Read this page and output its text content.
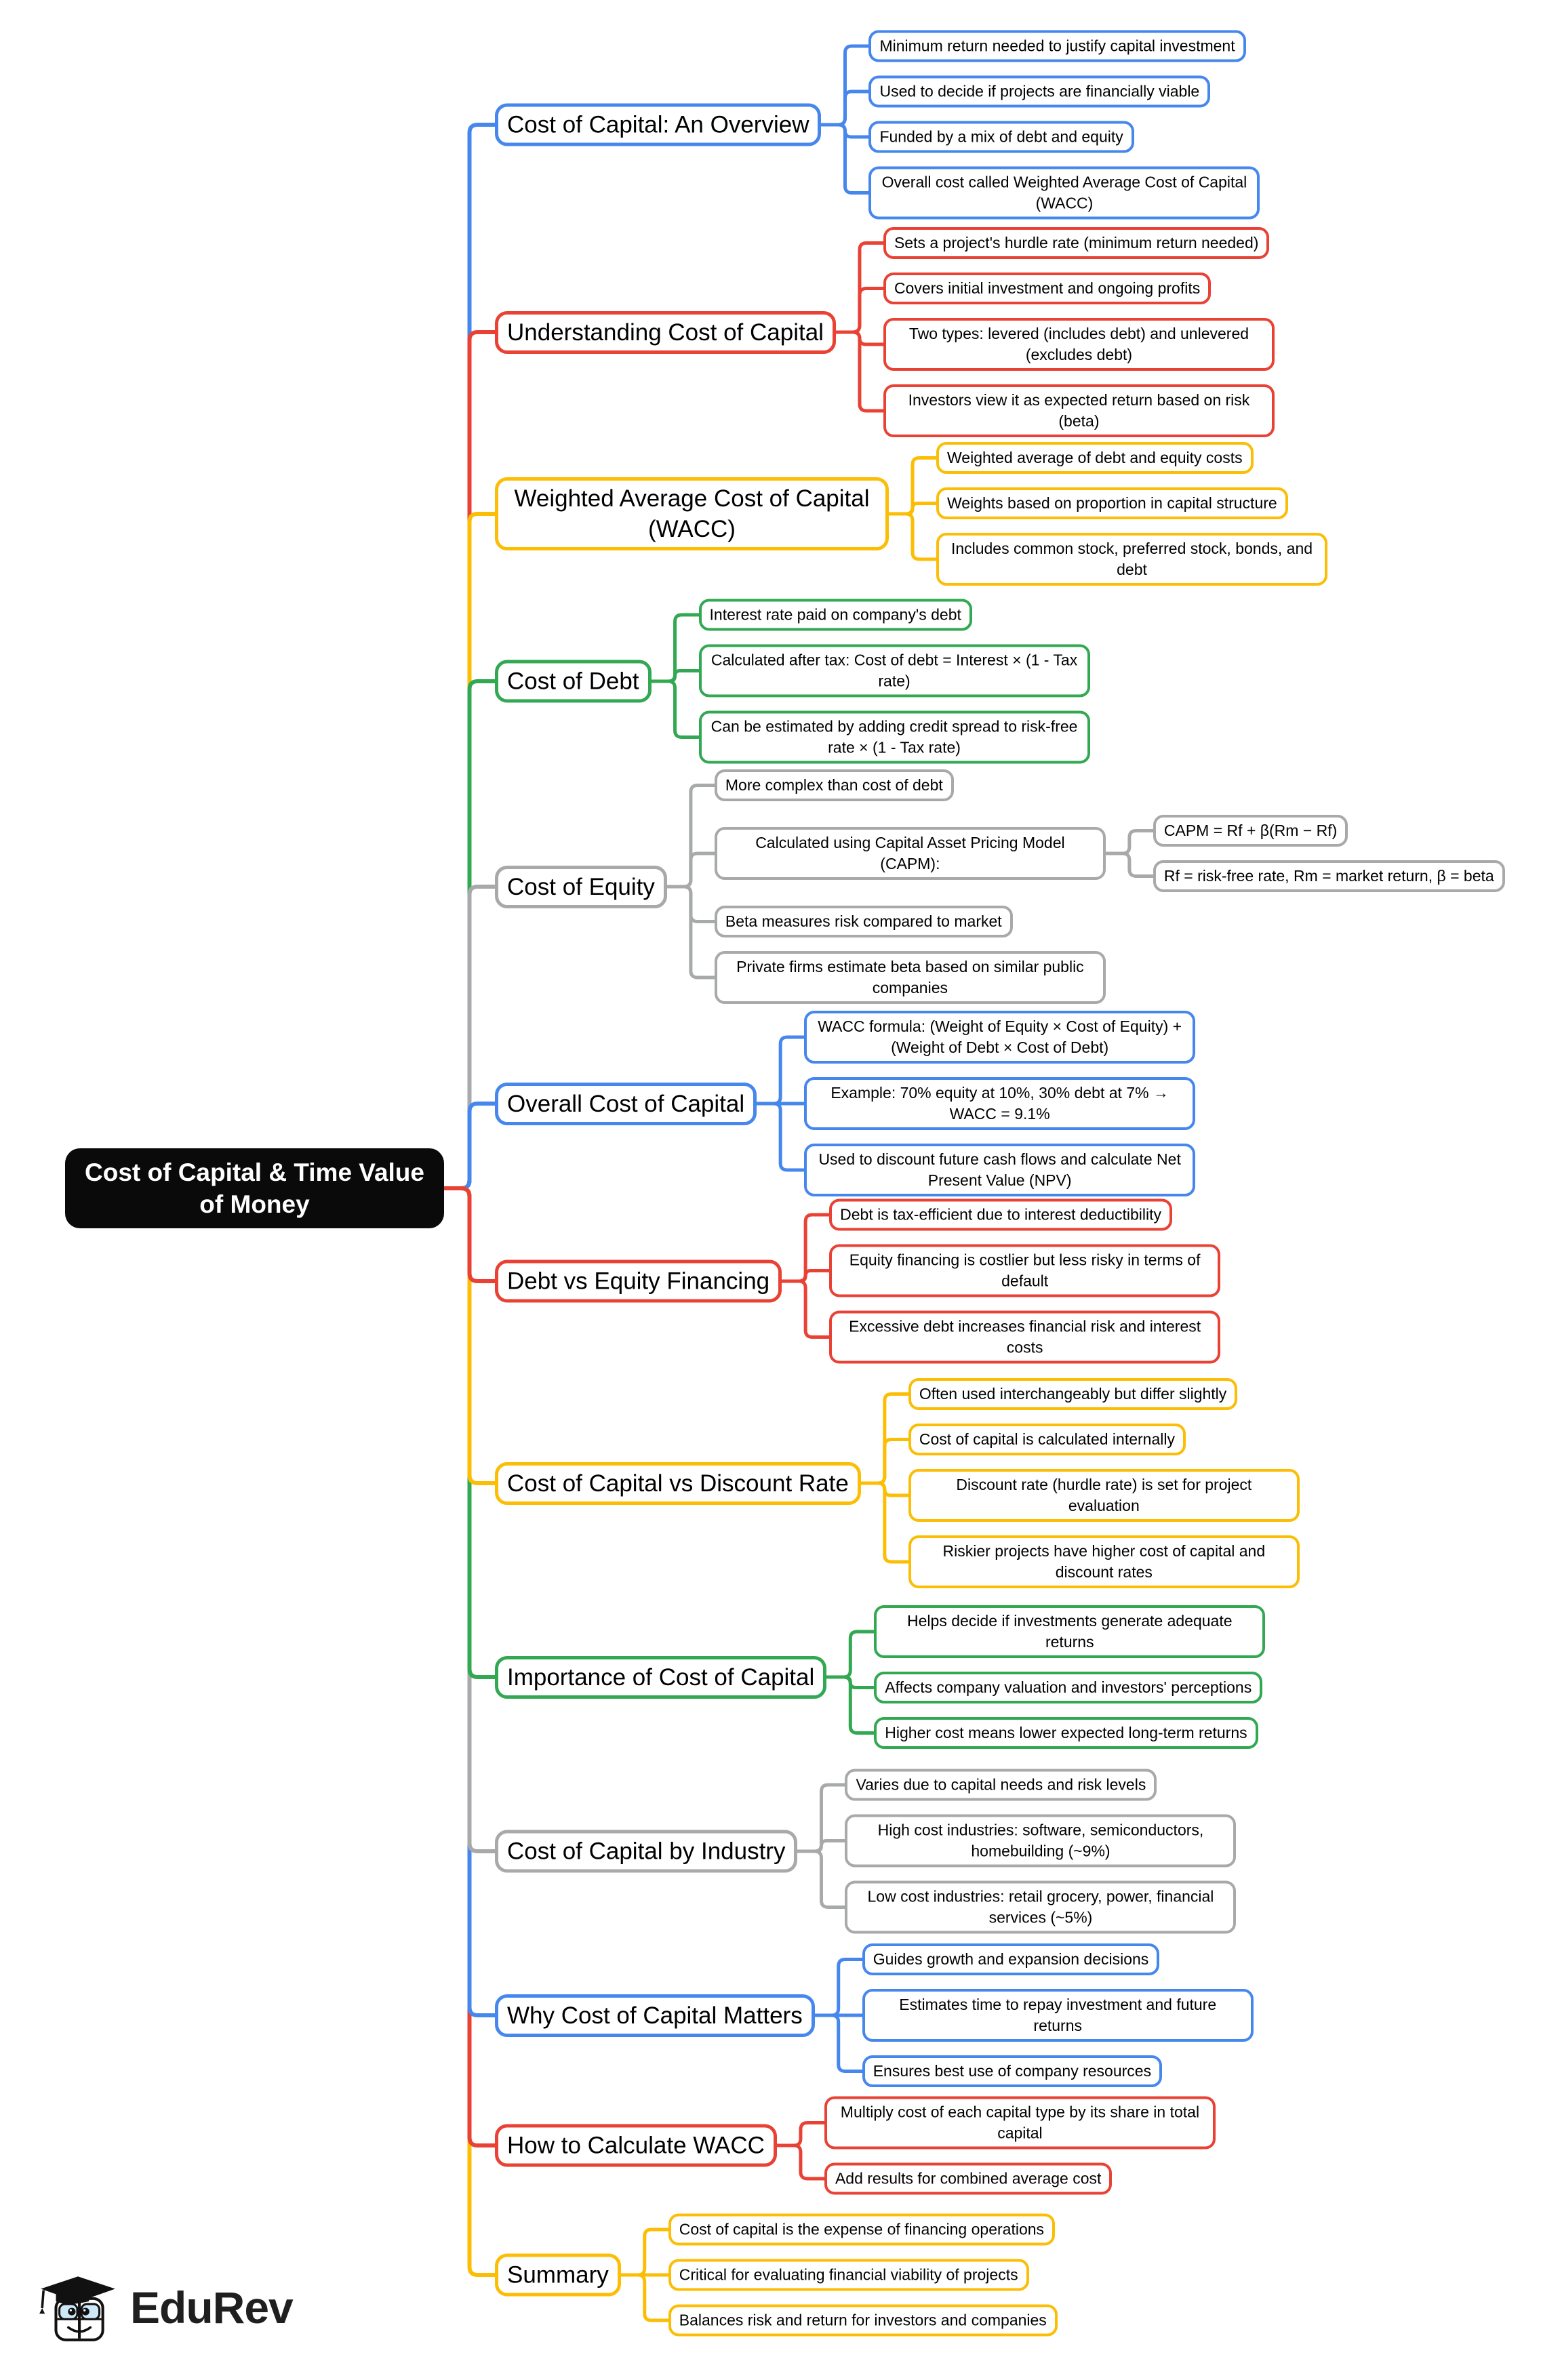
Cost of Capital & Time Value of Money
Cost of Capital: An Overview
Minimum return needed to justify capital investment
Used to decide if projects are financially viable
Funded by a mix of debt and equity
Overall cost called Weighted Average Cost of Capital (WACC)
Understanding Cost of Capital
Sets a project's hurdle rate (minimum return needed)
Covers initial investment and ongoing profits
Two types: levered (includes debt) and unlevered (excludes debt)
Investors view it as expected return based on risk (beta)
Weighted Average Cost of Capital (WACC)
Weighted average of debt and equity costs
Weights based on proportion in capital structure
Includes common stock, preferred stock, bonds, and debt
Cost of Debt
Interest rate paid on company's debt
Calculated after tax: Cost of debt = Interest × (1 - Tax rate)
Can be estimated by adding credit spread to risk-free rate × (1 - Tax rate)
Cost of Equity
More complex than cost of debt
Calculated using Capital Asset Pricing Model (CAPM):
CAPM = Rf + β(Rm − Rf)
Rf = risk-free rate, Rm = market return, β = beta
Beta measures risk compared to market
Private firms estimate beta based on similar public companies
Overall Cost of Capital
WACC formula: (Weight of Equity × Cost of Equity) + (Weight of Debt × Cost of Debt)
Example: 70% equity at 10%, 30% debt at 7% → WACC = 9.1%
Used to discount future cash flows and calculate Net Present Value (NPV)
Debt vs Equity Financing
Debt is tax-efficient due to interest deductibility
Equity financing is costlier but less risky in terms of default
Excessive debt increases financial risk and interest costs
Cost of Capital vs Discount Rate
Often used interchangeably but differ slightly
Cost of capital is calculated internally
Discount rate (hurdle rate) is set for project evaluation
Riskier projects have higher cost of capital and discount rates
Importance of Cost of Capital
Helps decide if investments generate adequate returns
Affects company valuation and investors' perceptions
Higher cost means lower expected long-term returns
Cost of Capital by Industry
Varies due to capital needs and risk levels
High cost industries: software, semiconductors, homebuilding (~9%)
Low cost industries: retail grocery, power, financial services (~5%)
Why Cost of Capital Matters
Guides growth and expansion decisions
Estimates time to repay investment and future returns
Ensures best use of company resources
How to Calculate WACC
Multiply cost of each capital type by its share in total capital
Add results for combined average cost
Summary
Cost of capital is the expense of financing operations
Critical for evaluating financial viability of projects
Balances risk and return for investors and companies
EduRev
